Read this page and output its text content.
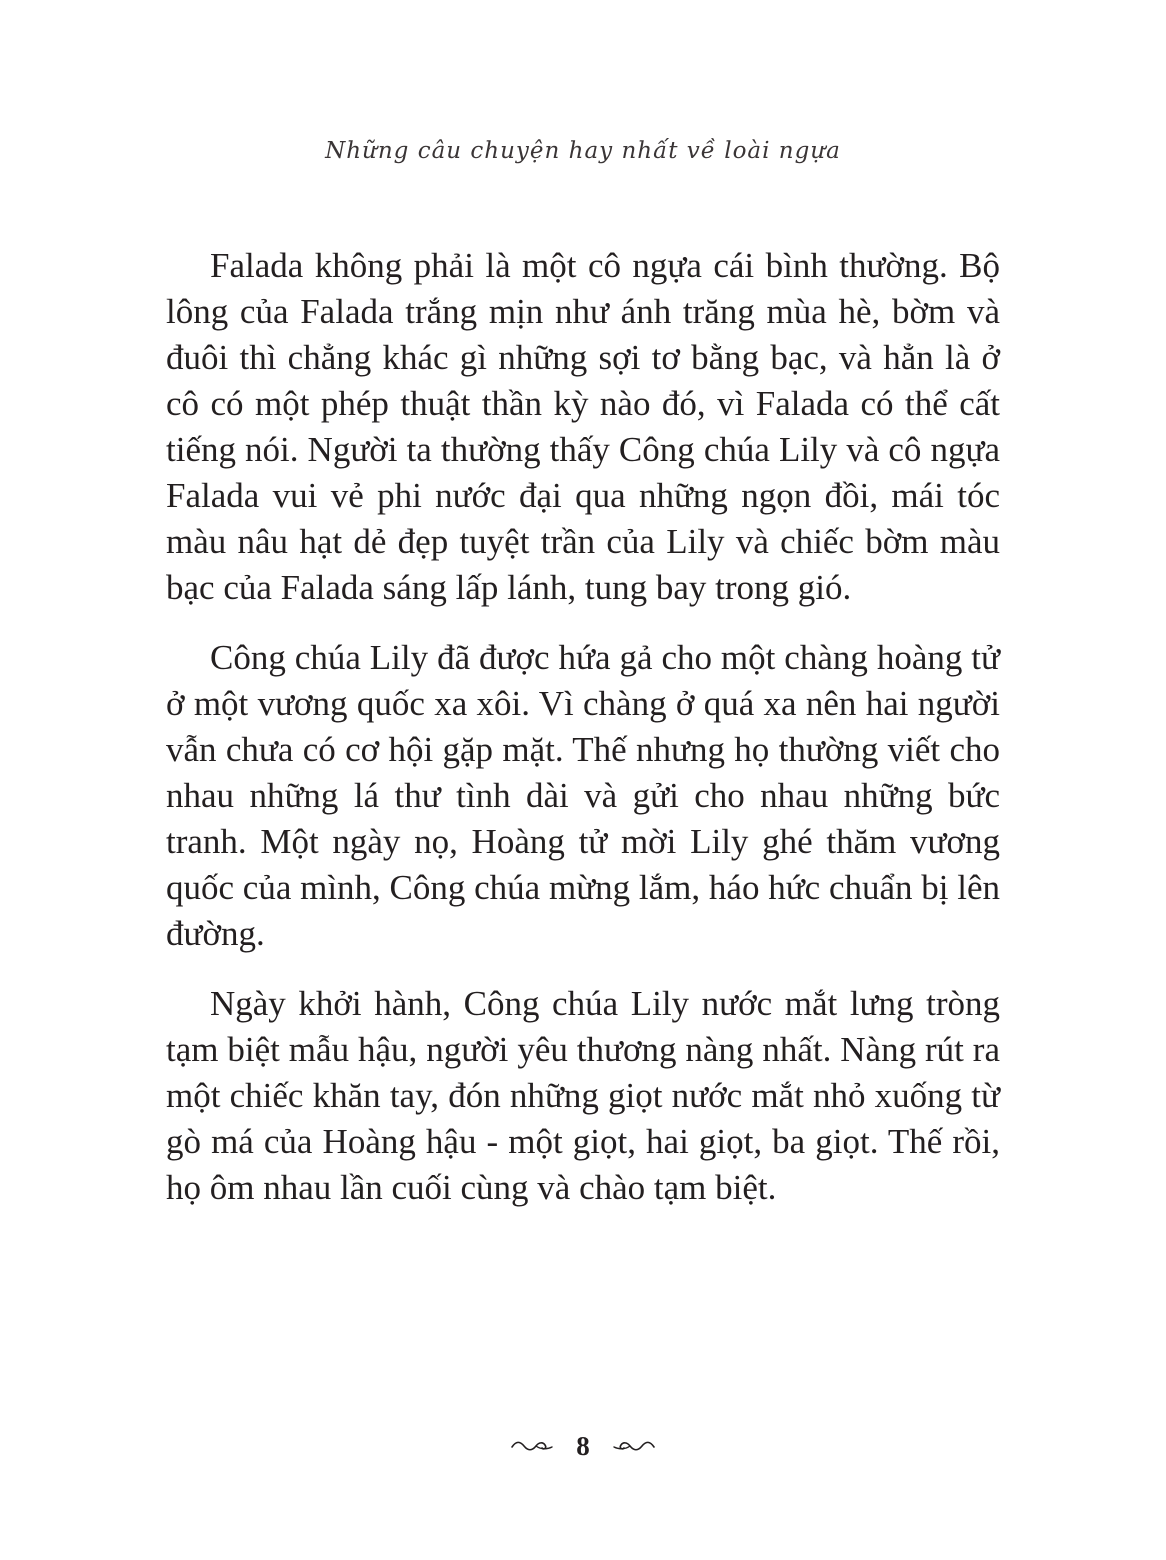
Những câu chuyện hay nhất về loài ngựa

Falada không phải là một cô ngựa cái bình thường. Bộ lông của Falada trắng mịn như ánh trăng mùa hè, bờm và đuôi thì chẳng khác gì những sợi tơ bằng bạc, và hẳn là ở cô có một phép thuật thần kỳ nào đó, vì Falada có thể cất tiếng nói. Người ta thường thấy Công chúa Lily và cô ngựa Falada vui vẻ phi nước đại qua những ngọn đồi, mái tóc màu nâu hạt dẻ đẹp tuyệt trần của Lily và chiếc bờm màu bạc của Falada sáng lấp lánh, tung bay trong gió.

Công chúa Lily đã được hứa gả cho một chàng hoàng tử ở một vương quốc xa xôi. Vì chàng ở quá xa nên hai người vẫn chưa có cơ hội gặp mặt. Thế nhưng họ thường viết cho nhau những lá thư tình dài và gửi cho nhau những bức tranh. Một ngày nọ, Hoàng tử mời Lily ghé thăm vương quốc của mình, Công chúa mừng lắm, háo hức chuẩn bị lên đường.

Ngày khởi hành, Công chúa Lily nước mắt lưng tròng tạm biệt mẫu hậu, người yêu thương nàng nhất. Nàng rút ra một chiếc khăn tay, đón những giọt nước mắt nhỏ xuống từ gò má của Hoàng hậu - một giọt, hai giọt, ba giọt. Thế rồi, họ ôm nhau lần cuối cùng và chào tạm biệt.

8
